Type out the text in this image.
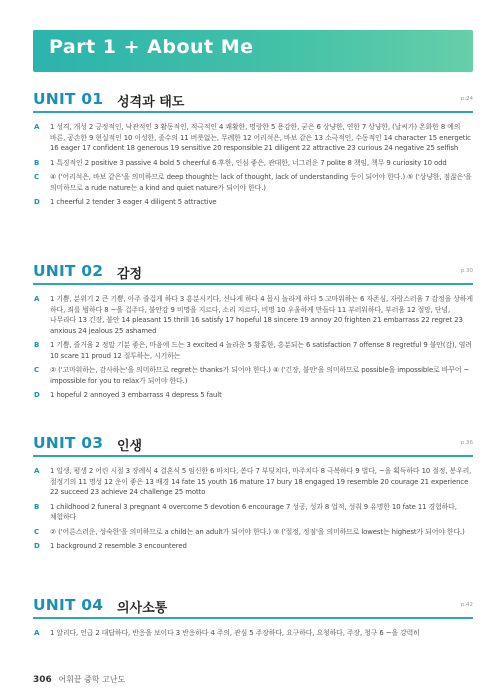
Part 1 + About Me
UNIT 01 성격과 태도	p.24
A	1 성격, 개성 2 긍정적인, 낙관적인 3 활동적인, 적극적인 4 쾌활한, 명랑한 5 용감한, 굳은 6 상냥한, 연한 7 상냥한, (날씨가) 온화한 8 예의 바른, 공손한 9 현실적인 10 이성한, 졸수의 11 버릇없는, 무례한 12 어리석은, 바보 같은 13 소극적인, 수동적인 14 character 15 energetic 16 eager 17 confident 18 generous 19 sensitive 20 responsible 21 diligent 22 attractive 23 curious 24 negative 25 selfish
B	1 특징적인 2 positive 3 passive 4 bold 5 cheerful 6 후한, 인심 좋은, 관대한, 너그러운 7 polite 8 책임, 책무 9 curiosity 10 odd
C	④ ('어리석은, 바보 같은'을 의미하므로 deep thought는 lack of thought, lack of understanding 등이 되어야 한다.) ⑤ ('상냥한, 점잖은'을 의미하므로 a rude nature는 a kind and quiet nature가 되어야 한다.)
D	1 cheerful 2 tender 3 eager 4 diligent 5 attractive
UNIT 02 감정	p.30
A	1 기쁨, 분위기 2 큰 기쁨, 아주 즐겁게 하다 3 흥분시키다, 신나게 하다 4 몹시 놀라게 하다 5 고마워하는 6 자존심, 자랑스러움 7 감정을 상하게 하다, 죄를 범하다 8 ~을 겁주다, 불안감 9 비명을 지르다, 소리 지르다, 비명 10 우울하게 만들다 11 부러워하다, 부러움 12 절망, 단념, 나무라다 13 긴장, 불안 14 pleasant 15 thrill 16 satisfy 17 hopeful 18 sincere 19 annoy 20 frighten 21 embarrass 22 regret 23 anxious 24 jealous 25 ashamed
B	1 기쁨, 즐거움 2 정말 기분 좋은, 마음에 드는 3 excited 4 놀라운 5 황홀한, 흥분되는 6 satisfaction 7 offense 8 regretful 9 불안(감), 염려 10 scare 11 proud 12 질투하는, 시기하는
C	② ('고마워하는, 감사하는'을 의미하므로 regret는 thanks가 되어야 한다.) ④ ('긴장, 불안'을 의미하므로 possible을 impossible로 바꾸어 ~ impossible for you to relax가 되어야 한다.)
D	1 hopeful 2 annoyed 3 embarrass 4 depress 5 fault
UNIT 03 인생	p.36
A	1 일생, 평생 2 어린 시절 3 장례식 4 결혼식 5 임신한 6 바치다, 쏟다 7 부딪치다, 마주치다 8 극복하다 9 벌다, ~을 획득하다 10 절정, 봉우리, 절정기의 11 명성 12 운이 좋은 13 배경 14 fate 15 youth 16 mature 17 bury 18 engaged 19 resemble 20 courage 21 experience 22 succeed 23 achieve 24 challenge 25 motto
B	1 childhood 2 funeral 3 pregnant 4 overcome 5 devotion 6 encourage 7 성공, 성과 8 업적, 성취 9 유명한 10 fate 11 경험하다, 체험하다
C	② ('어른스러운, 성숙한'을 의미하므로 a child는 an adult가 되어야 한다.) ③ ('절정, 정점'을 의미하므로 lowest는 highest가 되어야 한다.)
D	1 background 2 resemble 3 encountered
UNIT 04 의사소통	p.42
A	1 알리다, 언급 2 대답하다, 반응을 보이다 3 반응하다 4 주의, 관심 5 주장하다, 요구하다, 요청하다, 주장, 청구 6 ~을 강력히
306 어휘끝 중학 고난도
